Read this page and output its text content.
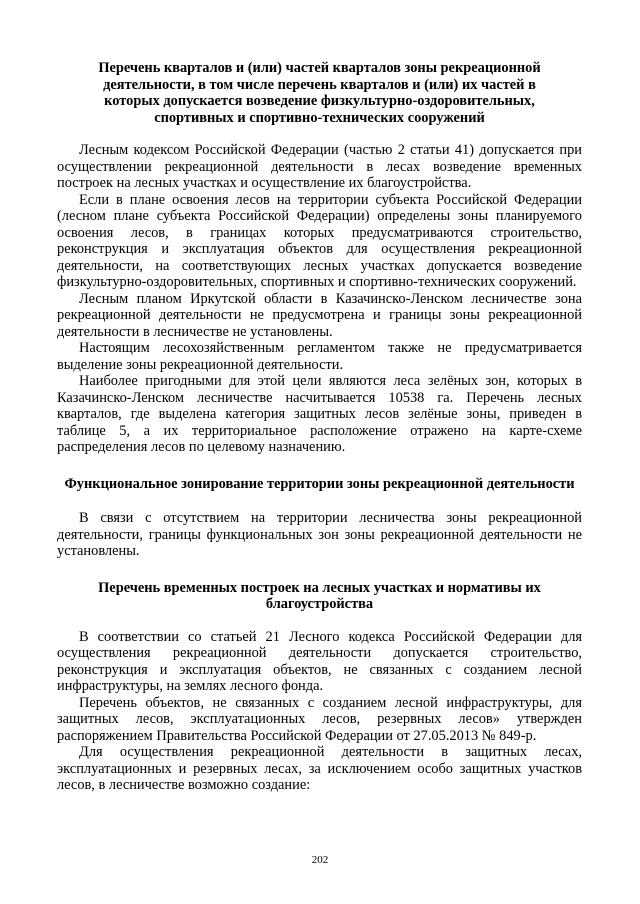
Перечень кварталов и (или) частей кварталов зоны рекреационной деятельности, в том числе перечень кварталов и (или) их частей в которых допускается возведение физкультурно-оздоровительных, спортивных и спортивно-технических сооружений

Лесным кодексом Российской Федерации (частью 2 статьи 41) допускается при осуществлении рекреационной деятельности в лесах возведение временных построек на лесных участках и осуществление их благоустройства.

Если в плане освоения лесов на территории субъекта Российской Федерации (лесном плане субъекта Российской Федерации) определены зоны планируемого освоения лесов, в границах которых предусматриваются строительство, реконструкция и эксплуатация объектов для осуществления рекреационной деятельности, на соответствующих лесных участках допускается возведение физкультурно-оздоровительных, спортивных и спортивно-технических сооружений.

Лесным планом Иркутской области в Казачинско-Ленском лесничестве зона рекреационной деятельности не предусмотрена и границы зоны рекреационной деятельности в лесничестве не установлены.

Настоящим лесохозяйственным регламентом также не предусматривается выделение зоны рекреационной деятельности.

Наиболее пригодными для этой цели являются леса зелёных зон, которых в Казачинско-Ленском лесничестве насчитывается 10538 га. Перечень лесных кварталов, где выделена категория защитных лесов зелёные зоны, приведен в таблице 5, а их территориальное расположение отражено на карте-схеме распределения лесов по целевому назначению.

Функциональное зонирование территории зоны рекреационной деятельности

В связи с отсутствием на территории лесничества зоны рекреационной деятельности, границы функциональных зон зоны рекреационной деятельности не установлены.

Перечень временных построек на лесных участках и нормативы их благоустройства

В соответствии со статьей 21 Лесного кодекса Российской Федерации для осуществления рекреационной деятельности допускается строительство, реконструкция и эксплуатация объектов, не связанных с созданием лесной инфраструктуры, на землях лесного фонда.

Перечень объектов, не связанных с созданием лесной инфраструктуры, для защитных лесов, эксплуатационных лесов, резервных лесов» утвержден распоряжением Правительства Российской Федерации от 27.05.2013 № 849-р.

Для осуществления рекреационной деятельности в защитных лесах, эксплуатационных и резервных лесах, за исключением особо защитных участков лесов, в лесничестве возможно создание:

202
